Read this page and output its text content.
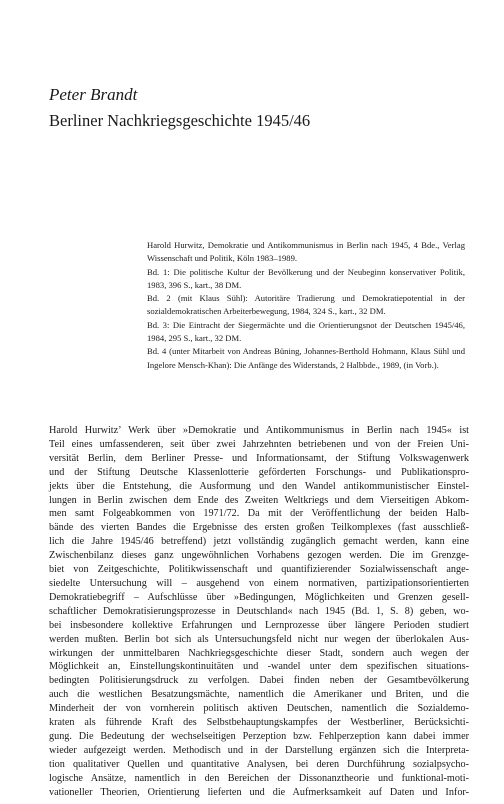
Peter Brandt
Berliner Nachkriegsgeschichte 1945/46
Harold Hurwitz, Demokratie und Antikommunismus in Berlin nach 1945, 4 Bde., Verlag Wissenschaft und Politik, Köln 1983–1989.
Bd. 1: Die politische Kultur der Bevölkerung und der Neubeginn konservativer Politik, 1983, 396 S., kart., 38 DM.
Bd. 2 (mit Klaus Sühl): Autoritäre Tradierung und Demokratiepotential in der sozialdemokratischen Arbeiterbewegung, 1984, 324 S., kart., 32 DM.
Bd. 3: Die Eintracht der Siegermächte und die Orientierungsnot der Deutschen 1945/46, 1984, 295 S., kart., 32 DM.
Bd. 4 (unter Mitarbeit von Andreas Büning, Johannes-Berthold Hohmann, Klaus Sühl und Ingelore Mensch-Khan): Die Anfänge des Widerstands, 2 Halbbde., 1989, (in Vorb.).
Harold Hurwitz’ Werk über »Demokratie und Antikommunismus in Berlin nach 1945« ist
Teil eines umfassenderen, seit über zwei Jahrzehnten betriebenen und von der Freien Uni-
versität Berlin, dem Berliner Presse- und Informationsamt, der Stiftung Volkswagenwerk
und der Stiftung Deutsche Klassenlotterie geförderten Forschungs- und Publikationspro-
jekts über die Entstehung, die Ausformung und den Wandel antikommunistischer Einstel-
lungen in Berlin zwischen dem Ende des Zweiten Weltkriegs und dem Vierseitigen Abkom-
men samt Folgeabkommen von 1971/72. Da mit der Veröffentlichung der beiden Halb-
bände des vierten Bandes die Ergebnisse des ersten großen Teilkomplexes (fast ausschließ-
lich die Jahre 1945/46 betreffend) jetzt vollständig zugänglich gemacht werden, kann eine
Zwischenbilanz dieses ganz ungewöhnlichen Vorhabens gezogen werden. Die im Grenzge-
biet von Zeitgeschichte, Politikwissenschaft und quantifizierender Sozialwissenschaft ange-
siedelte Untersuchung will – ausgehend von einem normativen, partizipationsorientierten
Demokratiebegriff – Aufschlüsse über »Bedingungen, Möglichkeiten und Grenzen gesell-
schaftlicher Demokratisierungsprozesse in Deutschland« nach 1945 (Bd. 1, S. 8) geben, wo-
bei insbesondere kollektive Erfahrungen und Lernprozesse über längere Perioden studiert
werden mußten. Berlin bot sich als Untersuchungsfeld nicht nur wegen der überlokalen Aus-
wirkungen der unmittelbaren Nachkriegsgeschichte dieser Stadt, sondern auch wegen der
Möglichkeit an, Einstellungskontinuitäten und -wandel unter dem spezifischen situations-
bedingten Politisierungsdruck zu verfolgen. Dabei finden neben der Gesamtbevölkerung
auch die westlichen Besatzungsmächte, namentlich die Amerikaner und Briten, und die
Minderheit der von vornherein politisch aktiven Deutschen, namentlich die Sozialdemo-
kraten als führende Kraft des Selbstbehauptungskampfes der Westberliner, Berücksichti-
gung. Die Bedeutung der wechselseitigen Perzeption bzw. Fehlperzeption kann dabei immer
wieder aufgezeigt werden. Methodisch und in der Darstellung ergänzen sich die Interpreta-
tion qualitativer Quellen und quantitative Analysen, bei deren Durchführung sozialpsycho-
logische Ansätze, namentlich in den Bereichen der Dissonanztheorie und funktional-moti-
vationeller Theorien, Orientierung lieferten und die Aufmerksamkeit auf Daten und Infor-
